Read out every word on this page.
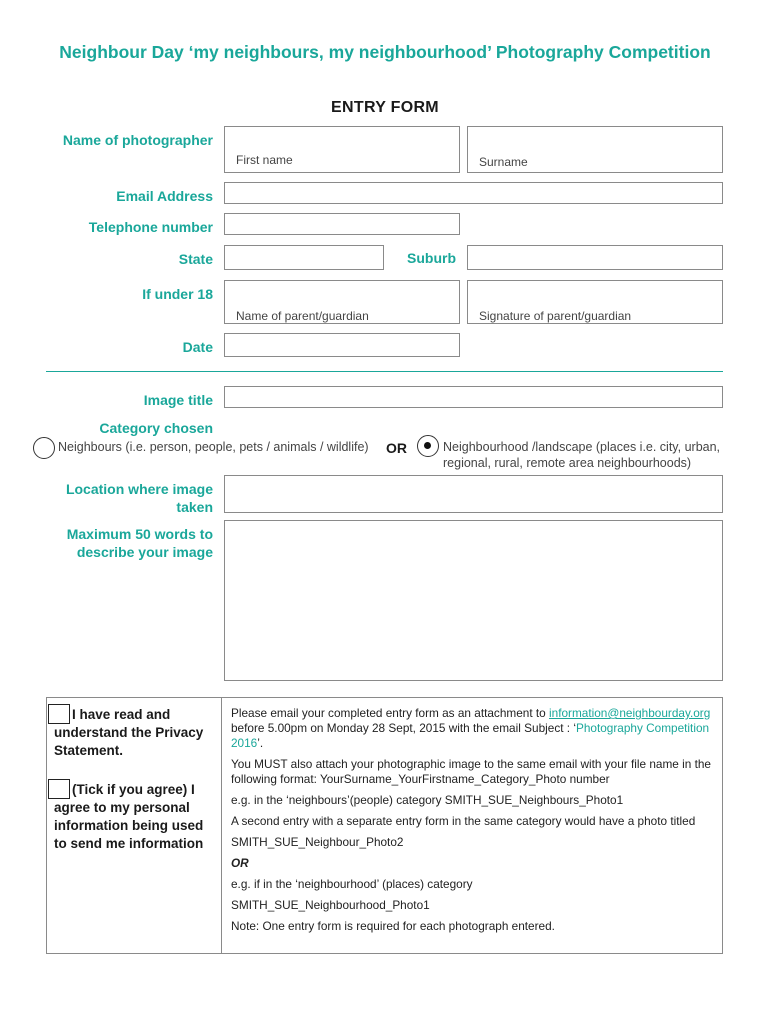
Neighbour Day ‘my neighbours, my neighbourhood’ Photography Competition
ENTRY FORM
Name of photographer
First name	Surname
Email Address
Telephone number
State	Suburb
If under 18
Name of parent/guardian	Signature of parent/guardian
Date
Image title
Category chosen
Neighbours (i.e. person, people, pets / animals / wildlife) OR	Neighbourhood /landscape (places i.e. city, urban,
regional, rural, remote area neighbourhoods)
Location where image
taken
Maximum 50 words to
describe your image
I have read and
understand the Privacy
Statement.
(Tick if you agree) I
agree to my personal
information being used
to send me information

Please email your completed entry form as an attachment to information@neighbourday.org before 5.00pm on Monday 28 Sept, 2015 with the email Subject : ‘Photography Competition 2016’.

You MUST also attach your photographic image to the same email with your file name in the following format: YourSurname_YourFirstname_Category_Photo number

e.g. in the ‘neighbours’(people) category SMITH_SUE_Neighbours_Photo1

A second entry with a separate entry form in the same category would have a photo titled

SMITH_SUE_Neighbour_Photo2

OR

e.g. if in the ‘neighbourhood’ (places) category

SMITH_SUE_Neighbourhood_Photo1

Note: One entry form is required for each photograph entered.
